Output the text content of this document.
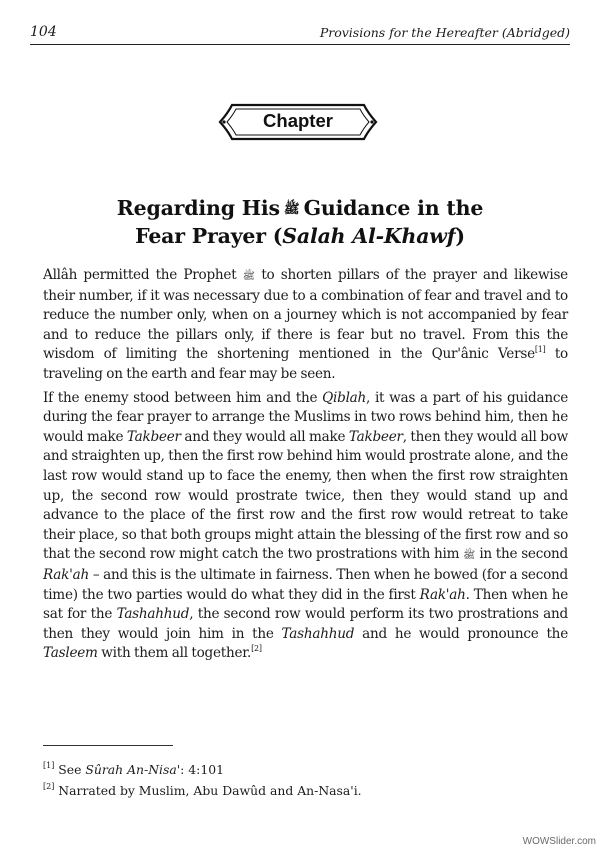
104	Provisions for the Hereafter (Abridged)
Chapter
Regarding His ﷺ Guidance in the
Fear Prayer (Salah Al-Khawf)

Allâh permitted the Prophet ﷺ to shorten pillars of the prayer and likewise their number, if it was necessary due to a combination of fear and travel and to reduce the number only, when on a journey which is not accompanied by fear and to reduce the pillars only, if there is fear but no travel. From this the wisdom of limiting the shortening mentioned in the Qur'ânic Verse[1] to traveling on the earth and fear may be seen.

If the enemy stood between him and the Qiblah, it was a part of his guidance during the fear prayer to arrange the Muslims in two rows behind him, then he would make Takbeer and they would all make Takbeer, then they would all bow and straighten up, then the first row behind him would prostrate alone, and the last row would stand up to face the enemy, then when the first row straighten up, the second row would prostrate twice, then they would stand up and advance to the place of the first row and the first row would retreat to take their place, so that both groups might attain the blessing of the first row and so that the second row might catch the two prostrations with him ﷺ in the second Rak'ah – and this is the ultimate in fairness. Then when he bowed (for a second time) the two parties would do what they did in the first Rak'ah. Then when he sat for the Tashahhud, the second row would perform its two prostrations and then they would join him in the Tashahhud and he would pronounce the Tasleem with them all together.[2]

[1] See Sûrah An-Nisa': 4:101
[2] Narrated by Muslim, Abu Dawûd and An-Nasa'i.
WOWSlider.com
